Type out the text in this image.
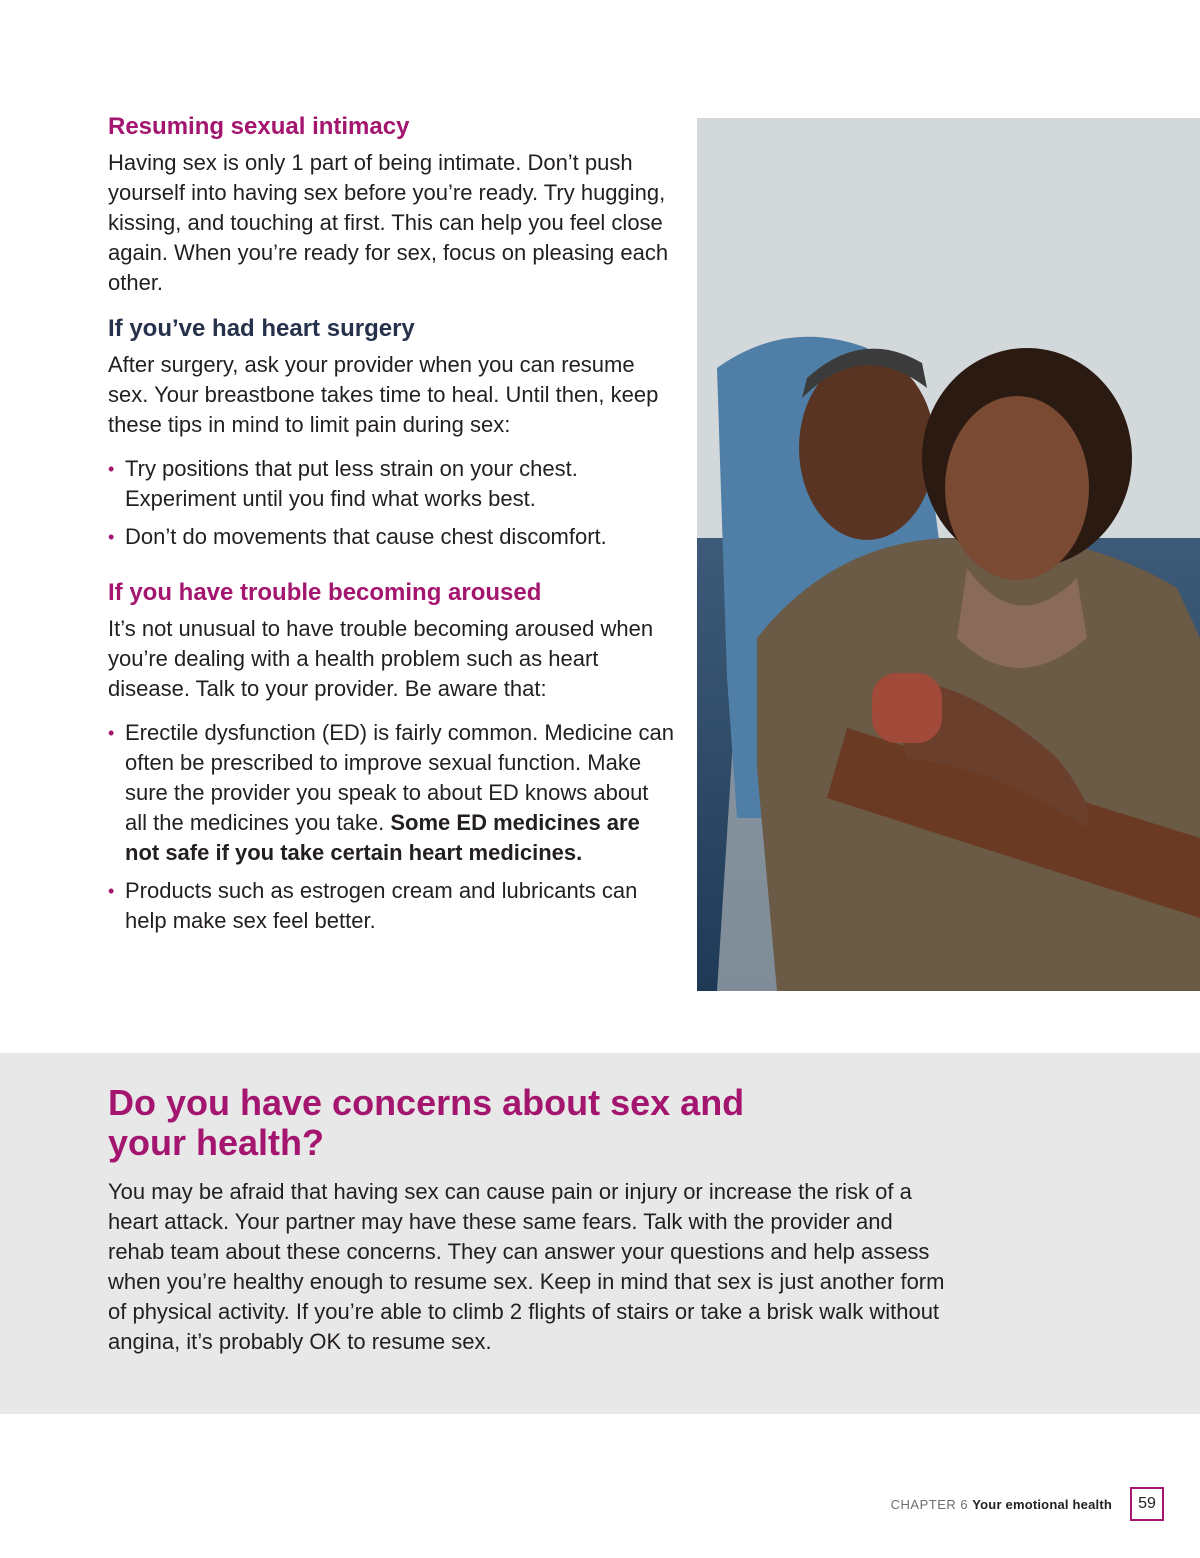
Resuming sexual intimacy

Having sex is only 1 part of being intimate. Don’t push yourself into having sex before you’re ready. Try hugging, kissing, and touching at first. This can help you feel close again. When you’re ready for sex, focus on pleasing each other.

If you’ve had heart surgery

After surgery, ask your provider when you can resume sex. Your breastbone takes time to heal. Until then, keep these tips in mind to limit pain during sex:

• Try positions that put less strain on your chest. Experiment until you find what works best.
• Don’t do movements that cause chest discomfort.
If you have trouble becoming aroused

It’s not unusual to have trouble becoming aroused when you’re dealing with a health problem such as heart disease. Talk to your provider. Be aware that:

• Erectile dysfunction (ED) is fairly common. Medicine can often be prescribed to improve sexual function. Make sure the provider you speak to about ED knows about all the medicines you take. Some ED medicines are not safe if you take certain heart medicines.
• Products such as estrogen cream and lubricants can help make sex feel better.
Do you have concerns about sex and your health?

You may be afraid that having sex can cause pain or injury or increase the risk of a heart attack. Your partner may have these same fears. Talk with the provider and rehab team about these concerns. They can answer your questions and help assess when you’re healthy enough to resume sex. Keep in mind that sex is just another form of physical activity. If you’re able to climb 2 flights of stairs or take a brisk walk without angina, it’s probably OK to resume sex.

CHAPTER 6 Your emotional health	59
